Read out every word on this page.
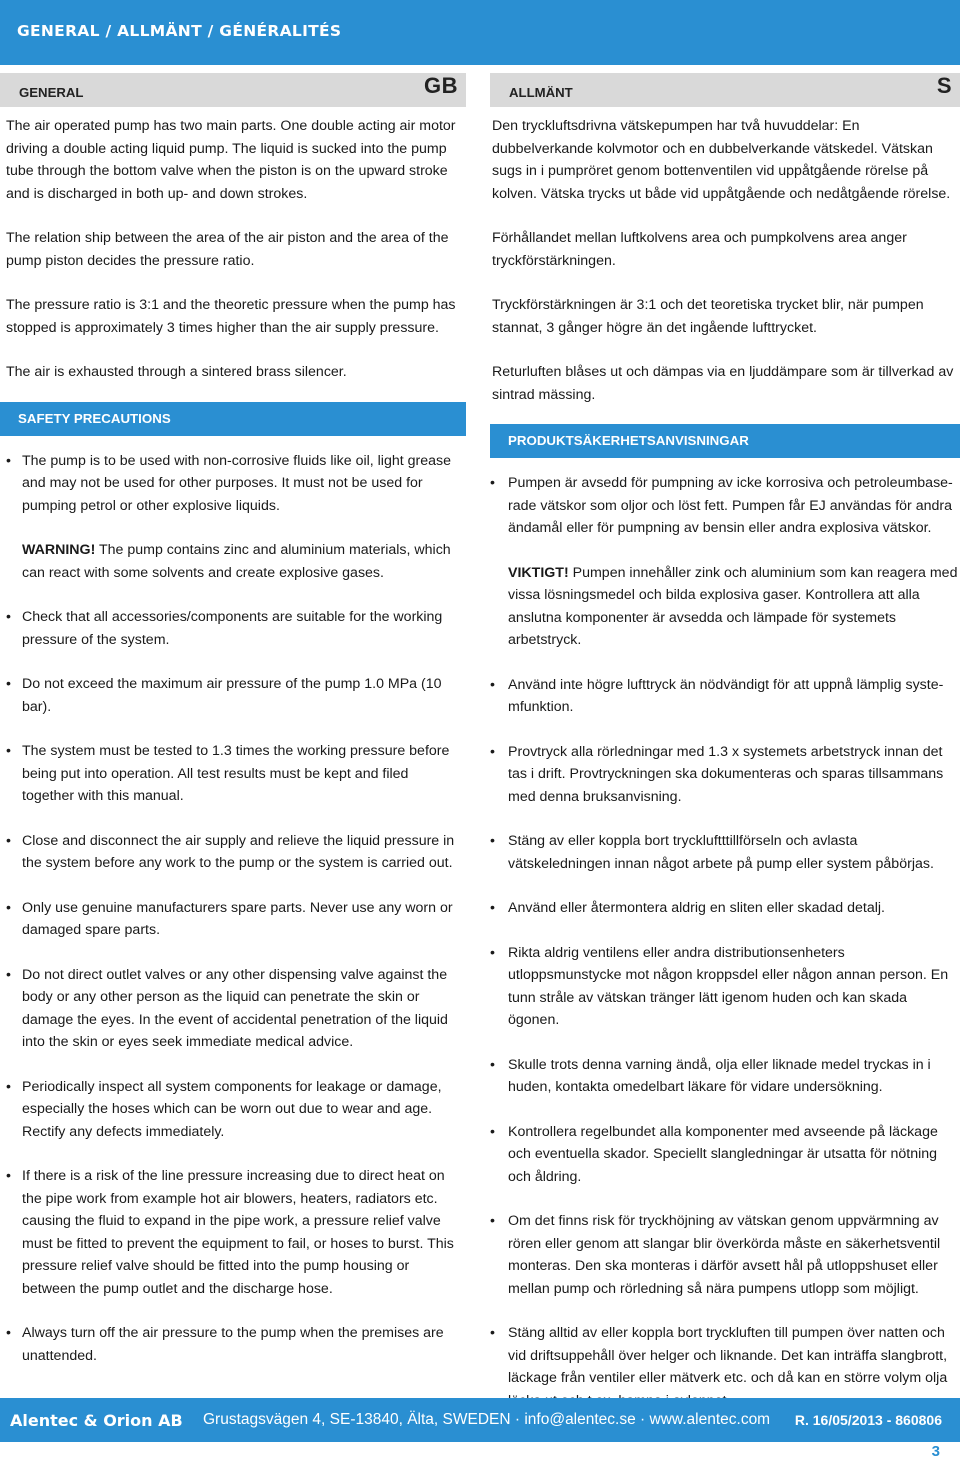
GENERAL / ALLMÄNT / GÉNÉRALITÉS
GENERAL	GB

The air operated pump has two main parts. One double acting air motor driving a double acting liquid pump. The liquid is sucked into the pump tube through the bottom valve when the piston is on the upward stroke and is discharged in both up- and down strokes.

The relation ship between the area of the air piston and the area of the pump piston decides the pressure ratio.

The pressure ratio is 3:1 and the theoretic pressure when the pump has stopped is approximately 3 times higher than the air supply pressure.

The air is exhausted through a sintered brass silencer.

SAFETY PRECAUTIONS
• The pump is to be used with non-corrosive fluids like oil, light grease and may not be used for other purposes. It must not be used for pumping petrol or other explosive liquids.
WARNING! The pump contains zinc and aluminium materials, which can react with some solvents and create explosive gases.
• Check that all accessories/components are suitable for the working pressure of the system.
• Do not exceed the maximum air pressure of the pump 1.0 MPa (10 bar).
• The system must be tested to 1.3 times the working pressure before being put into operation. All test results must be kept and filed together with this manual.
• Close and disconnect the air supply and relieve the liquid pressure in the system before any work to the pump or the system is carried out.
• Only use genuine manufacturers spare parts. Never use any worn or damaged spare parts.
• Do not direct outlet valves or any other dispensing valve against the body or any other person as the liquid can penetrate the skin or damage the eyes. In the event of accidental penetration of the liquid into the skin or eyes seek immediate medical advice.
• Periodically inspect all system components for leakage or damage, especially the hoses which can be worn out due to wear and age. Rectify any defects immediately.
• If there is a risk of the line pressure increasing due to direct heat on the pipe work from example hot air blowers, heaters, radiators etc. causing the fluid to expand in the pipe work, a pressure relief valve must be fitted to prevent the equipment to fail, or hoses to burst. This pressure relief valve should be fitted into the pump housing or between the pump outlet and the discharge hose.
• Always turn off the air pressure to the pump when the premises are unattended.
ALLMÄNT	S

Den tryckluftsdrivna vätskepumpen har två huvuddelar: En dubbelverkande kolvmotor och en dubbelverkande vätskedel. Vätskan sugs in i pumpröret genom bottenventilen vid uppåtgående rörelse på kolven. Vätska trycks ut både vid uppåtgående och nedåtgående rörelse.

Förhållandet mellan luftkolvens area och pumpkolvens area anger tryckförstärkningen.

Tryckförstärkningen är 3:1 och det teoretiska trycket blir, när pumpen stannat, 3 gånger högre än det ingående lufttrycket.

Returluften blåses ut och dämpas via en ljuddämpare som är tillverkad av sintrad mässing.

PRODUKTSÄKERHETSANVISNINGAR
• Pumpen är avsedd för pumpning av icke korrosiva och petroleumbase-rade vätskor som oljor och löst fett. Pumpen får EJ användas för andra ändamål eller för pumpning av bensin eller andra explosiva vätskor.
VIKTIGT! Pumpen innehåller zink och aluminium som kan reagera med vissa lösningsmedel och bilda explosiva gaser. Kontrollera att alla anslutna komponenter är avsedda och lämpade för systemets arbetstryck.
• Använd inte högre lufttryck än nödvändigt för att uppnå lämplig syste-mfunktion.
• Provtryck alla rörledningar med 1.3 x systemets arbetstryck innan det tas i drift. Provtryckningen ska dokumenteras och sparas tillsammans med denna bruksanvisning.
• Stäng av eller koppla bort tryckluftttillförseln och avlasta vätskeledningen innan något arbete på pump eller system påbörjas.
• Använd eller återmontera aldrig en sliten eller skadad detalj.
• Rikta aldrig ventilens eller andra distributionsenheters utloppsmunstycke mot någon kroppsdel eller någon annan person. En tunn stråle av vätskan tränger lätt igenom huden och kan skada ögonen.
• Skulle trots denna varning ändå, olja eller liknade medel tryckas in i huden, kontakta omedelbart läkare för vidare undersökning.
• Kontrollera regelbundet alla komponenter med avseende på läckage och eventuella skador. Speciellt slangledningar är utsatta för nötning och åldring.
• Om det finns risk för tryckhöjning av vätskan genom uppvärmning av rören eller genom att slangar blir överkörda måste en säkerhetsventil monteras. Den ska monteras i därför avsett hål på utloppshuset eller mellan pump och rörledning så nära pumpens utlopp som möjligt.
• Stäng alltid av eller koppla bort tryckluften till pumpen över natten och vid driftsuppehåll över helger och liknande. Det kan inträffa slangbrott, läckage från ventiler eller mätverk etc. och då kan en större volym olja
Alentec & Orion AB Grustagsvägen 4, SE-13840, Älta, SWEDEN · info@alentec.se · www.alentec.com R. 16/05/2013 - 860806
3
